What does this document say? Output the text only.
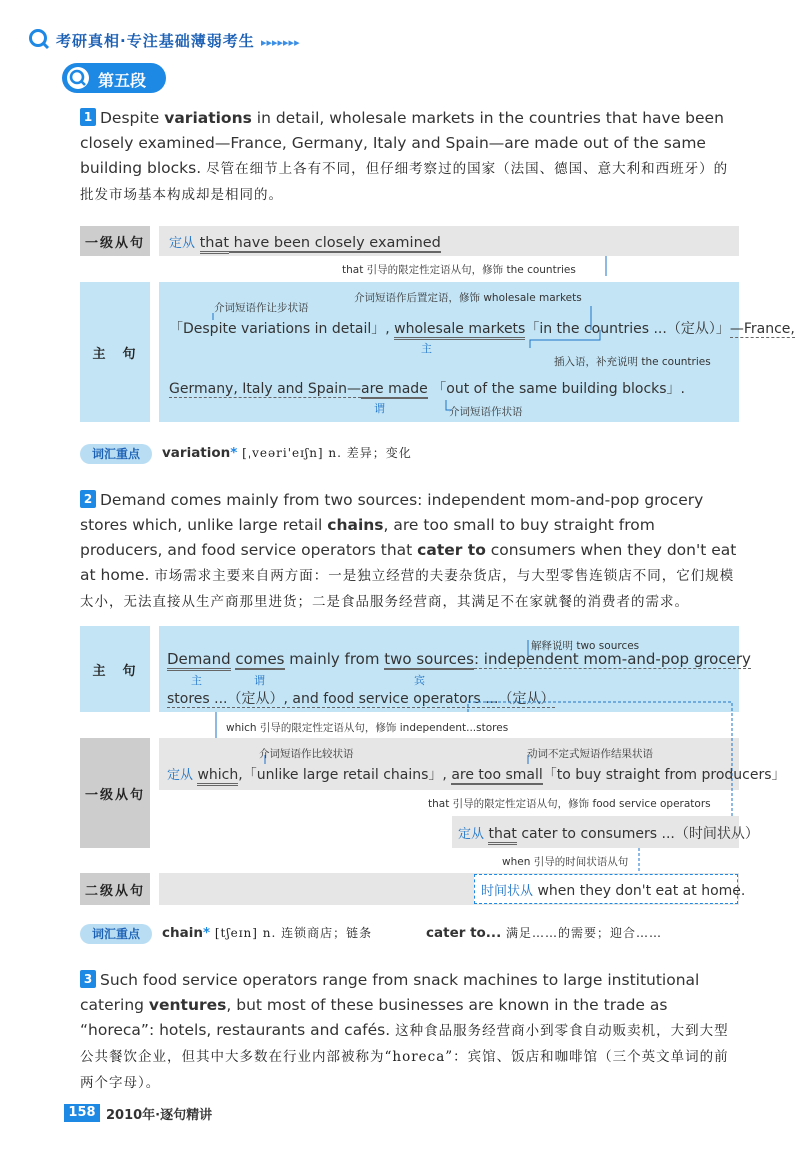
考研真相·专注基础薄弱考生 ▸▸▸▸▸▸▸
第五段
1 Despite variations in detail, wholesale markets in the countries that have been closely examined—France, Germany, Italy and Spain—are made out of the same building blocks. 尽管在细节上各有不同，但仔细考察过的国家（法国、德国、意大利和西班牙）的批发市场基本构成却是相同的。
一级从句	定从 that have been closely examined
that 引导的限定性定语从句，修饰 the countries
主　句
介词短语作让步状语
介词短语作后置定语，修饰 wholesale markets
「Despite variations in detail」, wholesale markets「in the countries ...（定从）」—France,
主
插入语，补充说明 the countries
Germany, Italy and Spain—are made 「out of the same building blocks」.
谓	介词短语作状语
词汇重点	variation* [ˌveəri'eɪʃn] n. 差异；变化
2 Demand comes mainly from two sources: independent mom-and-pop grocery stores which, unlike large retail chains, are too small to buy straight from producers, and food service operators that cater to consumers when they don't eat at home. 市场需求主要来自两方面：一是独立经营的夫妻杂货店，与大型零售连锁店不同，它们规模太小，无法直接从生产商那里进货；二是食品服务经营商，其满足不在家就餐的消费者的需求。
主　句
解释说明 two sources
Demand comes mainly from two sources: independent mom-and-pop grocery
主	谓	宾
stores ...（定从）, and food service operators ...（定从）
which 引导的限定性定语从句，修饰 independent...stores
一级从句
介词短语作比较状语	动词不定式短语作结果状语
定从 which,「unlike large retail chains」, are too small「to buy straight from producers」
that 引导的限定性定语从句，修饰 food service operators
定从 that cater to consumers ...（时间状从）
when 引导的时间状语从句
二级从句	时间状从 when they don't eat at home.
词汇重点	chain* [tʃeɪn] n. 连锁商店；链条	cater to... 满足……的需要；迎合……
3 Such food service operators range from snack machines to large institutional catering ventures, but most of these businesses are known in the trade as “horeca”: hotels, restaurants and cafés. 这种食品服务经营商小到零食自动贩卖机，大到大型公共餐饮企业，但其中大多数在行业内部被称为“horeca”：宾馆、饭店和咖啡馆（三个英文单词的前两个字母）。
158 2010年·逐句精讲
